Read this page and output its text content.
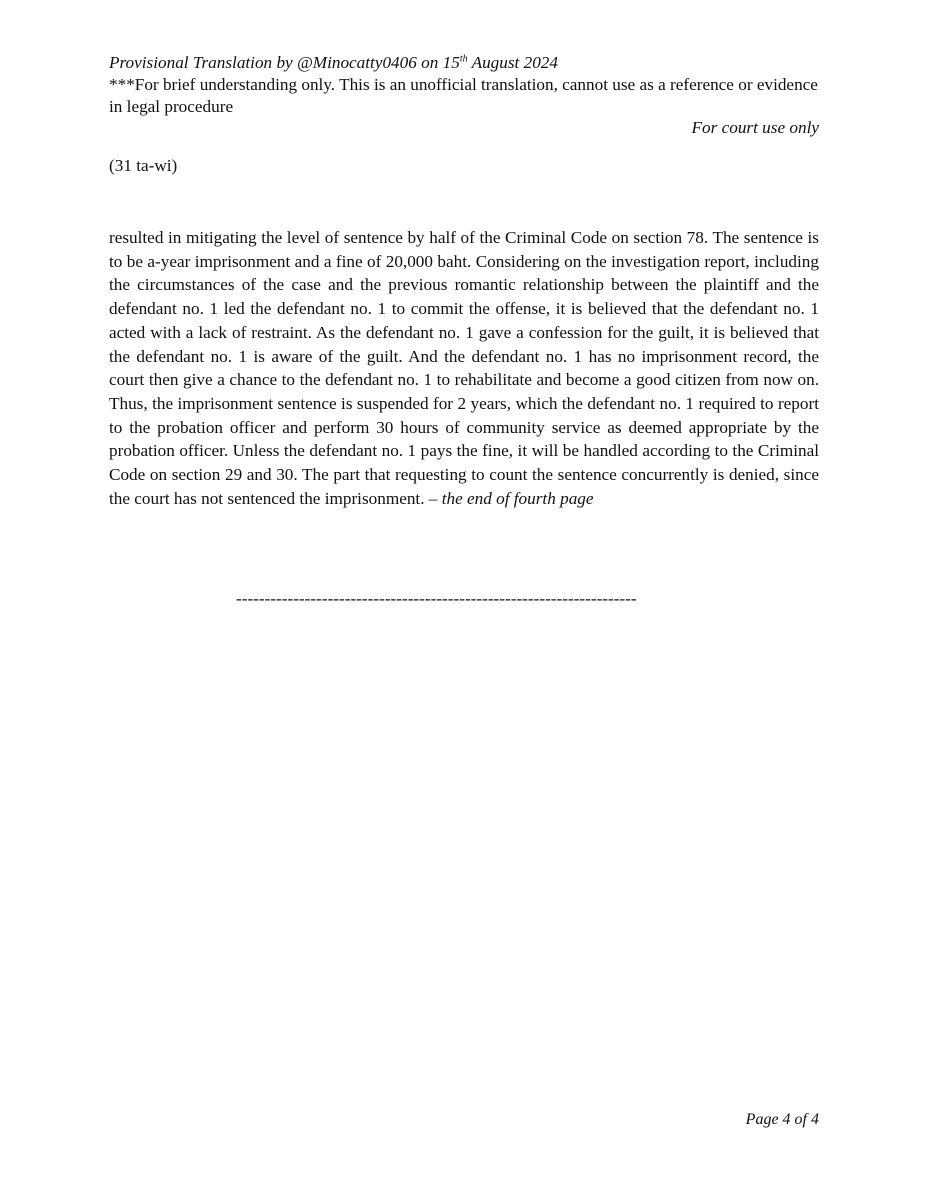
Provisional Translation by @Minocatty0406 on 15th August 2024
***For brief understanding only. This is an unofficial translation, cannot use as a reference or evidence in legal procedure
For court use only
(31 ta-wi)

resulted in mitigating the level of sentence by half of the Criminal Code on section 78. The sentence is to be a-year imprisonment and a fine of 20,000 baht. Considering on the investigation report, including the circumstances of the case and the previous romantic relationship between the plaintiff and the defendant no. 1 led the defendant no. 1 to commit the offense, it is believed that the defendant no. 1 acted with a lack of restraint. As the defendant no. 1 gave a confession for the guilt, it is believed that the defendant no. 1 is aware of the guilt. And the defendant no. 1 has no imprisonment record, the court then give a chance to the defendant no. 1 to rehabilitate and become a good citizen from now on. Thus, the imprisonment sentence is suspended for 2 years, which the defendant no. 1 required to report to the probation officer and perform 30 hours of community service as deemed appropriate by the probation officer. Unless the defendant no. 1 pays the fine, it will be handled according to the Criminal Code on section 29 and 30. The part that requesting to count the sentence concurrently is denied, since the court has not sentenced the imprisonment. – the end of fourth page

----------------------------------------------------------------------
Page 4 of 4
